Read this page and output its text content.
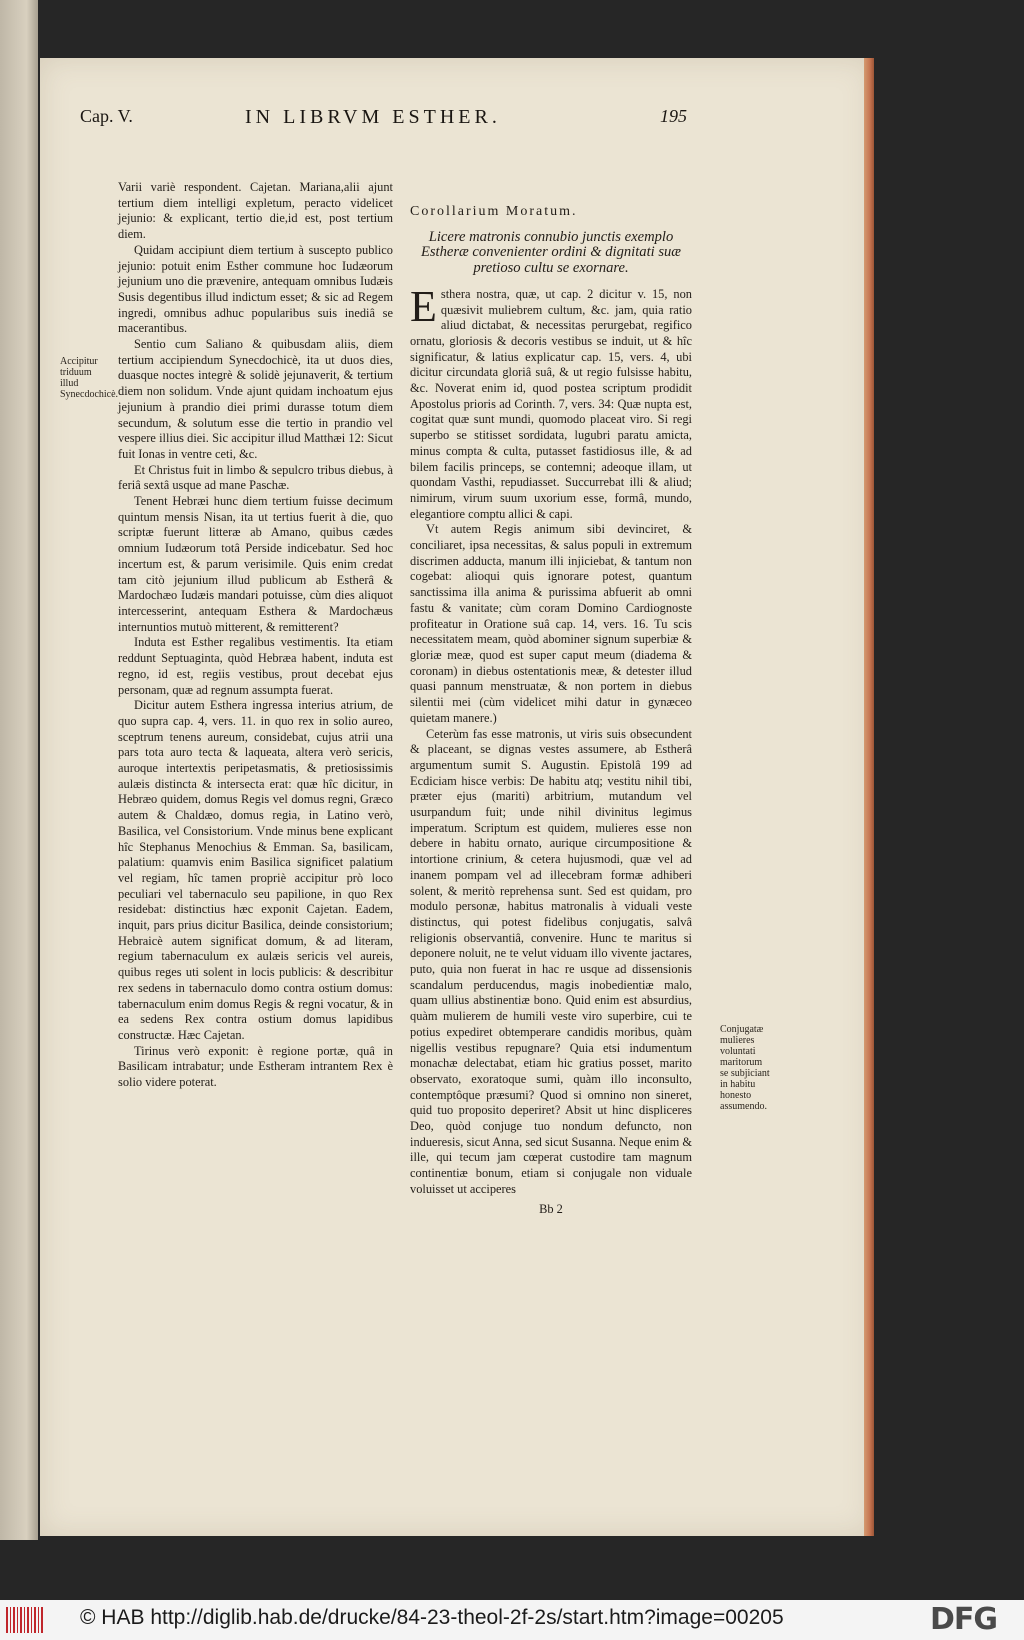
Cap. V.	IN LIBRVM ESTHER.	195
Accipitur triduum illud Synecdochicè.

Varii variè respondent. Cajetan. Mariana,alii ajunt tertium diem intelligi expletum, peracto videlicet jejunio: & explicant, tertio die,id est, post tertium diem.

Quidam accipiunt diem tertium à suscepto publico jejunio: potuit enim Esther commune hoc Iudæorum jejunium uno die prævenire, antequam omnibus Iudæis Susis degentibus illud indictum esset; & sic ad Regem ingredi, omnibus adhuc popularibus suis inediâ se macerantibus.

Sentio cum Saliano & quibusdam aliis, diem tertium accipiendum Synecdochicè, ita ut duos dies, duasque noctes integrè & solidè jejunaverit, & tertium diem non solidum. Vnde ajunt quidam inchoatum ejus jejunium à prandio diei primi durasse totum diem secundum, & solutum esse die tertio in prandio vel vespere illius diei. Sic accipitur illud Matthæi 12: Sicut fuit Ionas in ventre ceti, &c.

Et Christus fuit in limbo & sepulcro tribus diebus, à feriâ sextâ usque ad mane Paschæ.

Tenent Hebræi hunc diem tertium fuisse decimum quintum mensis Nisan, ita ut tertius fuerit à die, quo scriptæ fuerunt litteræ ab Amano, quibus cædes omnium Iudæorum totâ Perside indicebatur. Sed hoc incertum est, & parum verisimile. Quis enim credat tam citò jejunium illud publicum ab Estherâ & Mardochæo Iudæis mandari potuisse, cùm dies aliquot intercesserint, antequam Esthera & Mardochæus internuntios mutuò mitterent, & remitterent?

Induta est Esther regalibus vestimentis. Ita etiam reddunt Septuaginta, quòd Hebræa habent, induta est regno, id est, regiis vestibus, prout decebat ejus personam, quæ ad regnum assumpta fuerat.

Dicitur autem Esthera ingressa interius atrium, de quo supra cap. 4, vers. 11. in quo rex in solio aureo, sceptrum tenens aureum, considebat, cujus atrii una pars tota auro tecta & laqueata, altera verò sericis, auroque intertextis peripetasmatis, & pretiosissimis aulæis distincta & intersecta erat: quæ hîc dicitur, in Hebræo quidem, domus Regis vel domus regni, Græco autem & Chaldæo, domus regia, in Latino verò, Basilica, vel Consistorium. Vnde minus bene explicant hîc Stephanus Menochius & Emman. Sa, basilicam, palatium: quamvis enim Basilica significet palatium vel regiam, hîc tamen propriè accipitur prò loco peculiari vel tabernaculo seu papilione, in quo Rex residebat: distinctius hæc exponit Cajetan. Eadem, inquit, pars prius dicitur Basilica, deinde consistorium; Hebraicè autem significat domum, & ad literam, regium tabernaculum ex aulæis sericis vel aureis, quibus reges uti solent in locis publicis: & describitur rex sedens in tabernaculo domo contra ostium domus: tabernaculum enim domus Regis & regni vocatur, & in ea sedens Rex contra ostium domus lapidibus constructæ. Hæc Cajetan.

Tirinus verò exponit: è regione portæ, quâ in Basilicam intrabatur; unde Estheram intrantem Rex è solio videre poterat.

Corollarium Moratum.

Licere matronis connubio junctis exemplo Estheræ convenienter ordini & dignitati suæ pretioso cultu se exornare.

Esthera nostra, quæ, ut cap. 2 dicitur v. 15, non quæsivit muliebrem cultum, &c. jam, quia ratio aliud dictabat, & necessitas perurgebat, regifico ornatu, gloriosis & decoris vestibus se induit, ut & hîc significatur, & latius explicatur cap. 15, vers. 4, ubi dicitur circundata gloriâ suâ, & ut regio fulsisse habitu, &c. Noverat enim id, quod postea scriptum prodidit Apostolus prioris ad Corinth. 7, vers. 34: Quæ nupta est, cogitat quæ sunt mundi, quomodo placeat viro. Si regi superbo se stitisset sordidata, lugubri paratu amicta, minus compta & culta, putasset fastidiosus ille, & ad bilem facilis princeps, se contemni; adeoque illam, ut quondam Vasthi, repudiasset. Succurrebat illi & aliud; nimirum, virum suum uxorium esse, formâ, mundo, elegantiore comptu allici & capi.

Vt autem Regis animum sibi devinciret, & conciliaret, ipsa necessitas, & salus populi in extremum discrimen adducta, manum illi injiciebat, & tantum non cogebat: alioqui quis ignorare potest, quantum sanctissima illa anima & purissima abfuerit ab omni fastu & vanitate; cùm coram Domino Cardiognoste profiteatur in Oratione suâ cap. 14, vers. 16. Tu scis necessitatem meam, quòd abominer signum superbiæ & gloriæ meæ, quod est super caput meum (diadema & coronam) in diebus ostentationis meæ, & detester illud quasi pannum menstruatæ, & non portem in diebus silentii mei (cùm videlicet mihi datur in gynæceo quietam manere.)

Ceterùm fas esse matronis, ut viris suis obsecundent & placeant, se dignas vestes assumere, ab Estherâ argumentum sumit S. Augustin. Epistolâ 199 ad Ecdiciam hisce verbis: De habitu atq; vestitu nihil tibi, præter ejus (mariti) arbitrium, mutandum vel usurpandum fuit; unde nihil divinitus legimus imperatum. Scriptum est quidem, mulieres esse non debere in habitu ornato, aurique circumpositione & intortione crinium, & cetera hujusmodi, quæ vel ad inanem pompam vel ad illecebram formæ adhiberi solent, & meritò reprehensa sunt. Sed est quidam, pro modulo personæ, habitus matronalis à viduali veste distinctus, qui potest fidelibus conjugatis, salvâ religionis observantiâ, convenire. Hunc te maritus si deponere noluit, ne te velut viduam illo vivente jactares, puto, quia non fuerat in hac re usque ad dissensionis scandalum perducendus, magis inobedientiæ malo, quam ullius abstinentiæ bono. Quid enim est absurdius, quàm mulierem de humili veste viro superbire, cui te potius expediret obtemperare candidis moribus, quàm nigellis vestibus repugnare? Quia etsi indumentum monachæ delectabat, etiam hic gratius posset, marito observato, exoratoque sumi, quàm illo inconsulto, contemptôque præsumi? Quod si omnino non sineret, quid tuo proposito deperiret? Absit ut hinc displiceres Deo, quòd conjuge tuo nondum defuncto, non indueresis, sicut Anna, sed sicut Susanna. Neque enim & ille, qui tecum jam cœperat custodire tam magnum continentiæ bonum, etiam si conjugale non viduale voluisset ut acciperes

Bb 2

Conjugatæ mulieres voluntati maritorum se subjiciant in habitu honesto assumendo.
© HAB http://diglib.hab.de/drucke/84-23-theol-2f-2s/start.htm?image=00205	DFG
